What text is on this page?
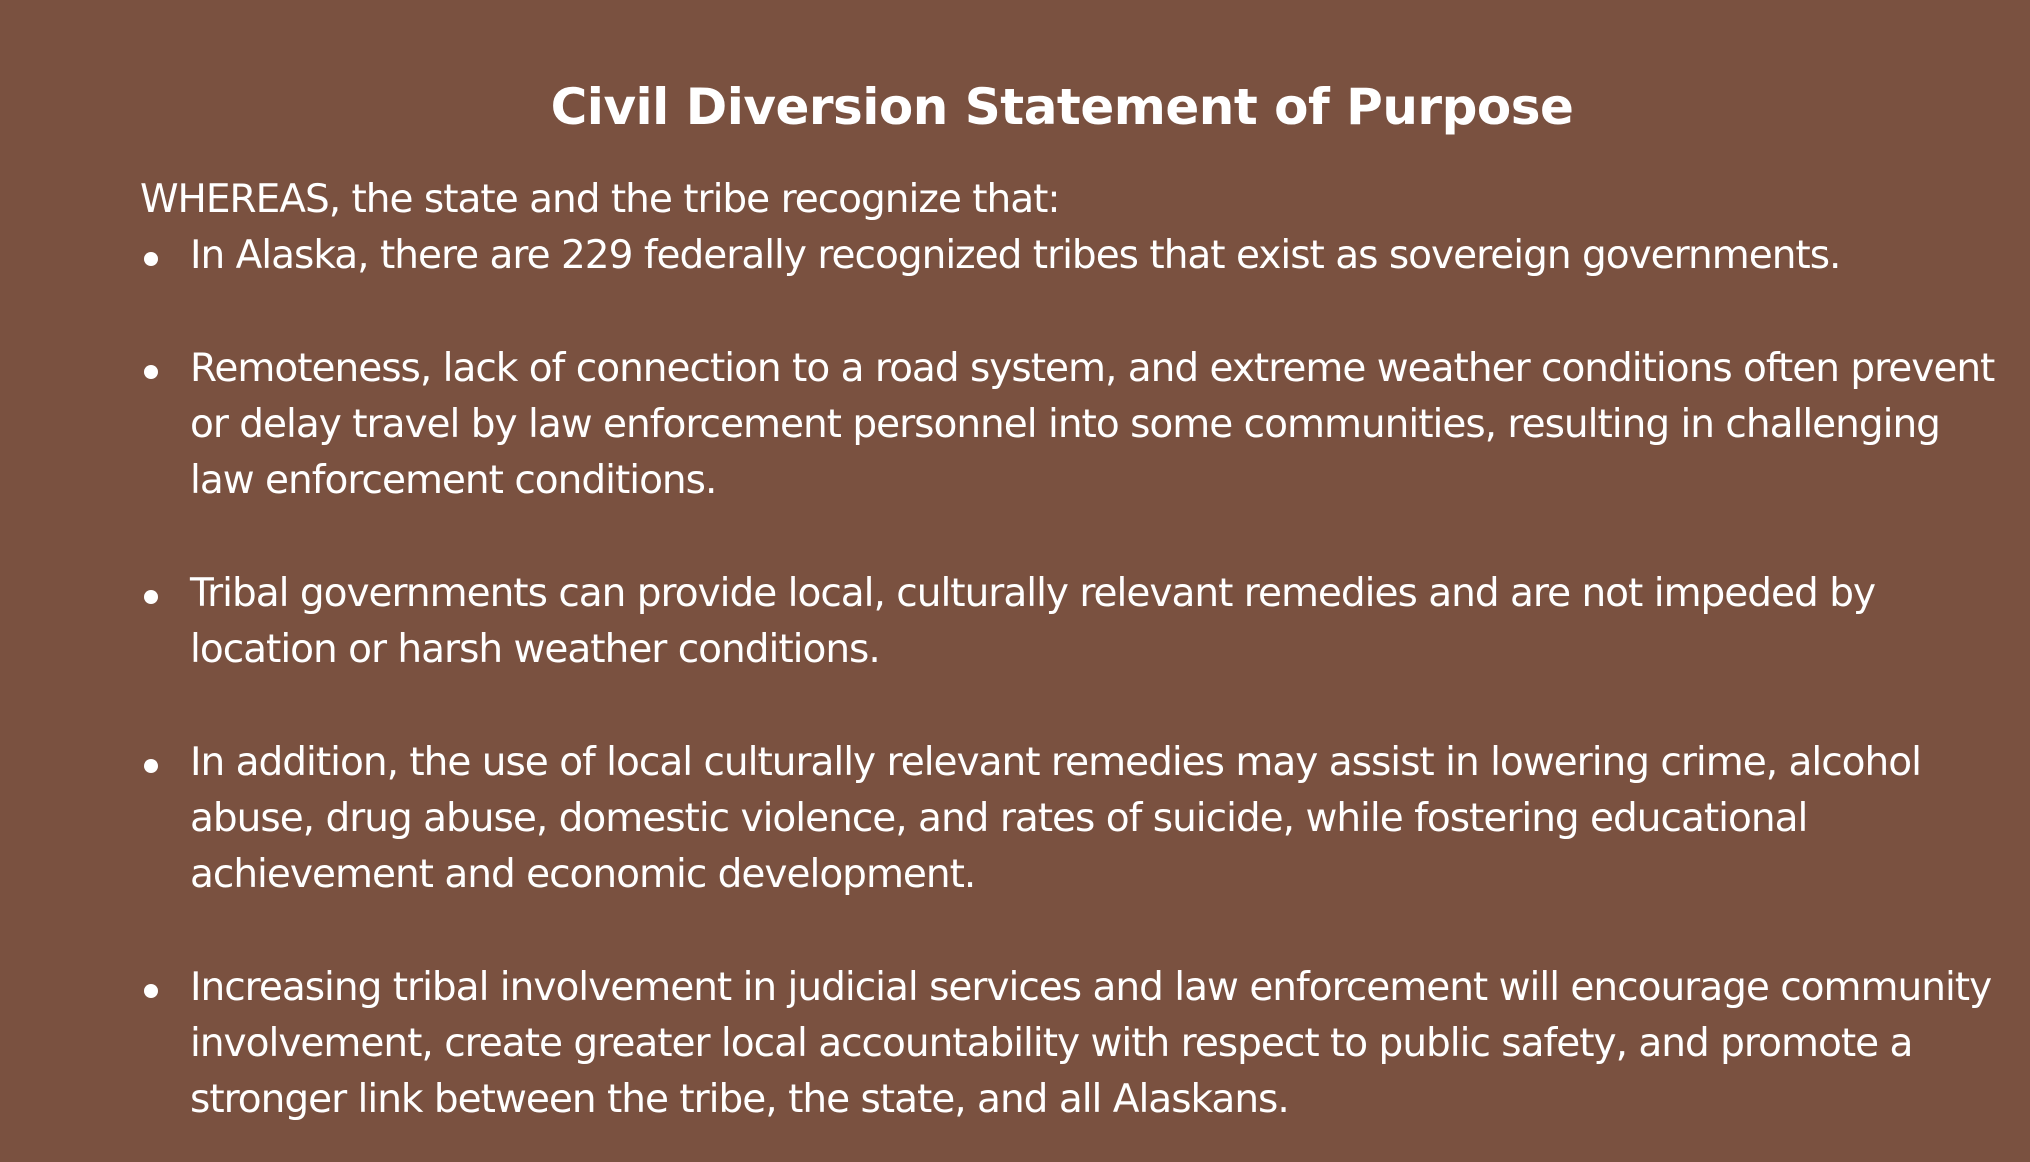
Civil Diversion Statement of Purpose

WHEREAS, the state and the tribe recognize that:

In Alaska, there are 229 federally recognized tribes that exist as sovereign governments.
Remoteness, lack of connection to a road system, and extreme weather conditions often prevent or delay travel by law enforcement personnel into some communities, resulting in challenging law enforcement conditions.
Tribal governments can provide local, culturally relevant remedies and are not impeded by location or harsh weather conditions.
In addition, the use of local culturally relevant remedies may assist in lowering crime, alcohol abuse, drug abuse, domestic violence, and rates of suicide, while fostering educational achievement and economic development.
Increasing tribal involvement in judicial services and law enforcement will encourage community involvement, create greater local accountability with respect to public safety, and promote a stronger link between the tribe, the state, and all Alaskans.
